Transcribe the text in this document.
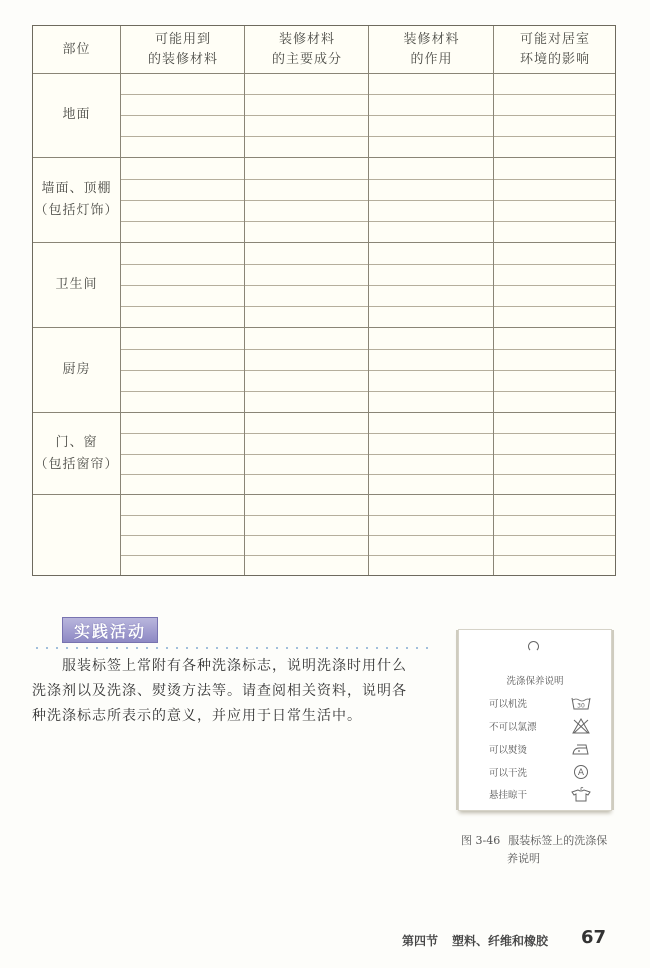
部位
可能用到
的装修材料
装修材料
的主要成分
装修材料
的作用
可能对居室
环境的影响
地面
墙面、顶棚
（包括灯饰）
卫生间
厨房
门、窗
（包括窗帘）
实践活动

　　服装标签上常附有各种洗涤标志，说明洗涤时用什么

洗涤剂以及洗涤、熨烫方法等。请查阅相关资料，说明各

种洗涤标志所表示的意义，并应用于日常生活中。

洗涤保养说明
可以机洗	30
不可以氯漂
可以熨烫
可以干洗	A
悬挂晾干
图 3-46 服装标签上的洗涤保
养说明
第四节 塑料、纤维和橡胶 67
